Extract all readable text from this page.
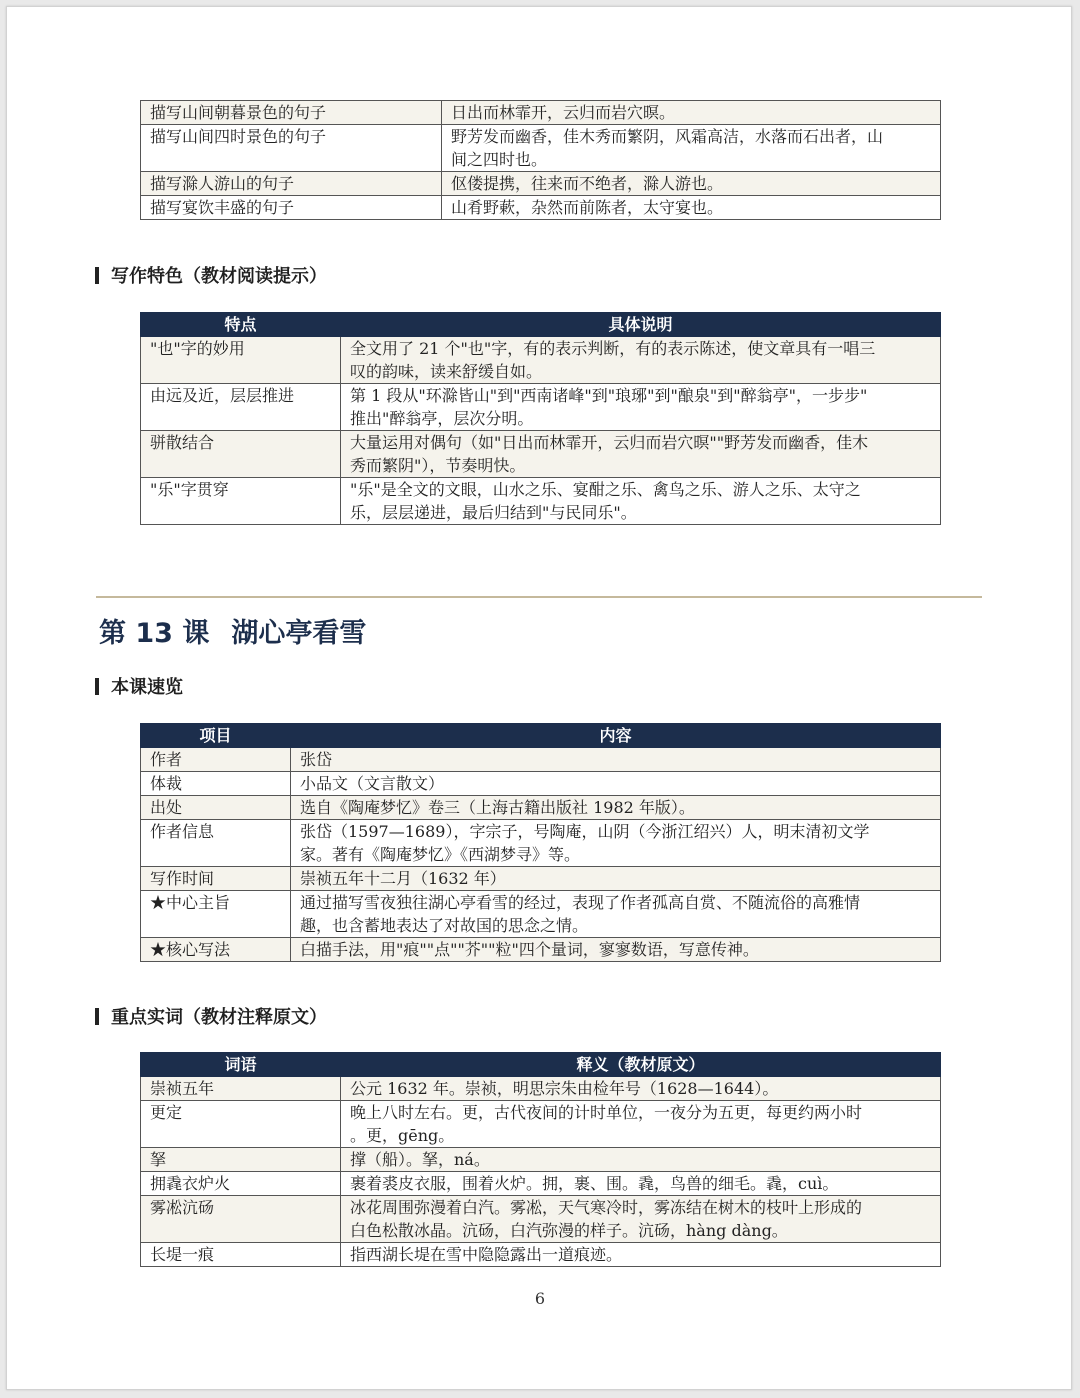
描写山间朝暮景色的句子	日出而林霏开，云归而岩穴暝。
描写山间四时景色的句子	野芳发而幽香，佳木秀而繁阴，风霜高洁，水落而石出者，山
间之四时也。
描写滁人游山的句子	伛偻提携，往来而不绝者，滁人游也。
描写宴饮丰盛的句子	山肴野蔌，杂然而前陈者，太守宴也。
写作特色（教材阅读提示）
特点	具体说明
"也"字的妙用	全文用了 21 个"也"字，有的表示判断，有的表示陈述，使文章具有一唱三
叹的韵味，读来舒缓自如。
由远及近，层层推进	第 1 段从"环滁皆山"到"西南诸峰"到"琅琊"到"酿泉"到"醉翁亭"，一步步"
推出"醉翁亭，层次分明。
骈散结合	大量运用对偶句（如"日出而林霏开，云归而岩穴暝""野芳发而幽香，佳木
秀而繁阴"），节奏明快。
"乐"字贯穿	"乐"是全文的文眼，山水之乐、宴酣之乐、禽鸟之乐、游人之乐、太守之
乐，层层递进，最后归结到"与民同乐"。
第 13 课 湖心亭看雪
本课速览
项目	内容
作者	张岱
体裁	小品文（文言散文）
出处	选自《陶庵梦忆》卷三（上海古籍出版社 1982 年版）。
作者信息	张岱（1597—1689），字宗子，号陶庵，山阴（今浙江绍兴）人，明末清初文学
家。著有《陶庵梦忆》《西湖梦寻》等。
写作时间	崇祯五年十二月（1632 年）
★中心主旨	通过描写雪夜独往湖心亭看雪的经过，表现了作者孤高自赏、不随流俗的高雅情
趣，也含蓄地表达了对故国的思念之情。
★核心写法	白描手法，用"痕""点""芥""粒"四个量词，寥寥数语，写意传神。
重点实词（教材注释原文）
词语	释义（教材原文）
崇祯五年	公元 1632 年。崇祯，明思宗朱由检年号（1628—1644）。
更定	晚上八时左右。更，古代夜间的计时单位，一夜分为五更，每更约两小时
。更，gēng。
拏	撑（船）。拏，ná。
拥毳衣炉火	裹着裘皮衣服，围着火炉。拥，裹、围。毳，鸟兽的细毛。毳，cuì。
雾凇沆砀	冰花周围弥漫着白汽。雾凇，天气寒冷时，雾冻结在树木的枝叶上形成的
白色松散冰晶。沆砀，白汽弥漫的样子。沆砀，hàng dàng。
长堤一痕	指西湖长堤在雪中隐隐露出一道痕迹。
6
